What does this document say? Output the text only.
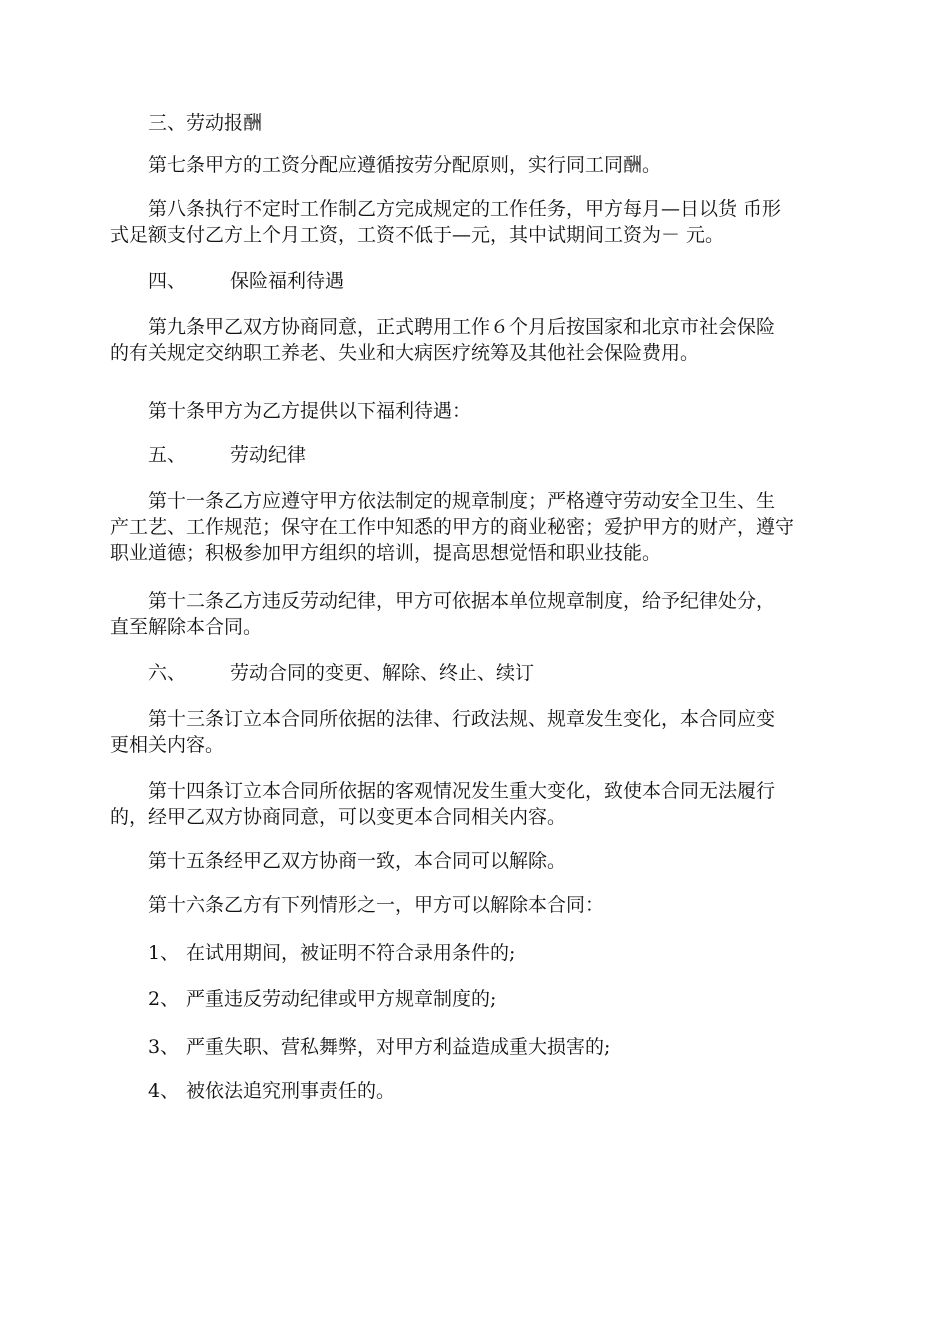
三、劳动报酬
第七条甲方的工资分配应遵循按劳分配原则，实行同工同酬。
第八条执行不定时工作制乙方完成规定的工作任务，甲方每月—日以货 币形
式足额支付乙方上个月工资，工资不低于—元，其中试期间工资为－ 元。
四、 保险福利待遇
第九条甲乙双方协商同意，正式聘用工作６个月后按国家和北京市社会保险
的有关规定交纳职工养老、失业和大病医疗统筹及其他社会保险费用。
第十条甲方为乙方提供以下福利待遇：
五、 劳动纪律
第十一条乙方应遵守甲方依法制定的规章制度；严格遵守劳动安全卫生、生
产工艺、工作规范；保守在工作中知悉的甲方的商业秘密；爱护甲方的财产，遵守
职业道德；积极参加甲方组织的培训，提高思想觉悟和职业技能。
第十二条乙方违反劳动纪律，甲方可依据本单位规章制度，给予纪律处分，
直至解除本合同。
六、 劳动合同的变更、解除、终止、续订
第十三条订立本合同所依据的法律、行政法规、规章发生变化，本合同应变
更相关内容。
第十四条订立本合同所依据的客观情况发生重大变化，致使本合同无法履行
的，经甲乙双方协商同意，可以变更本合同相关内容。
第十五条经甲乙双方协商一致，本合同可以解除。
第十六条乙方有下列情形之一，甲方可以解除本合同：
1、 在试用期间，被证明不符合录用条件的;
2、 严重违反劳动纪律或甲方规章制度的;
3、 严重失职、营私舞弊，对甲方利益造成重大损害的;
4、 被依法追究刑事责任的。
